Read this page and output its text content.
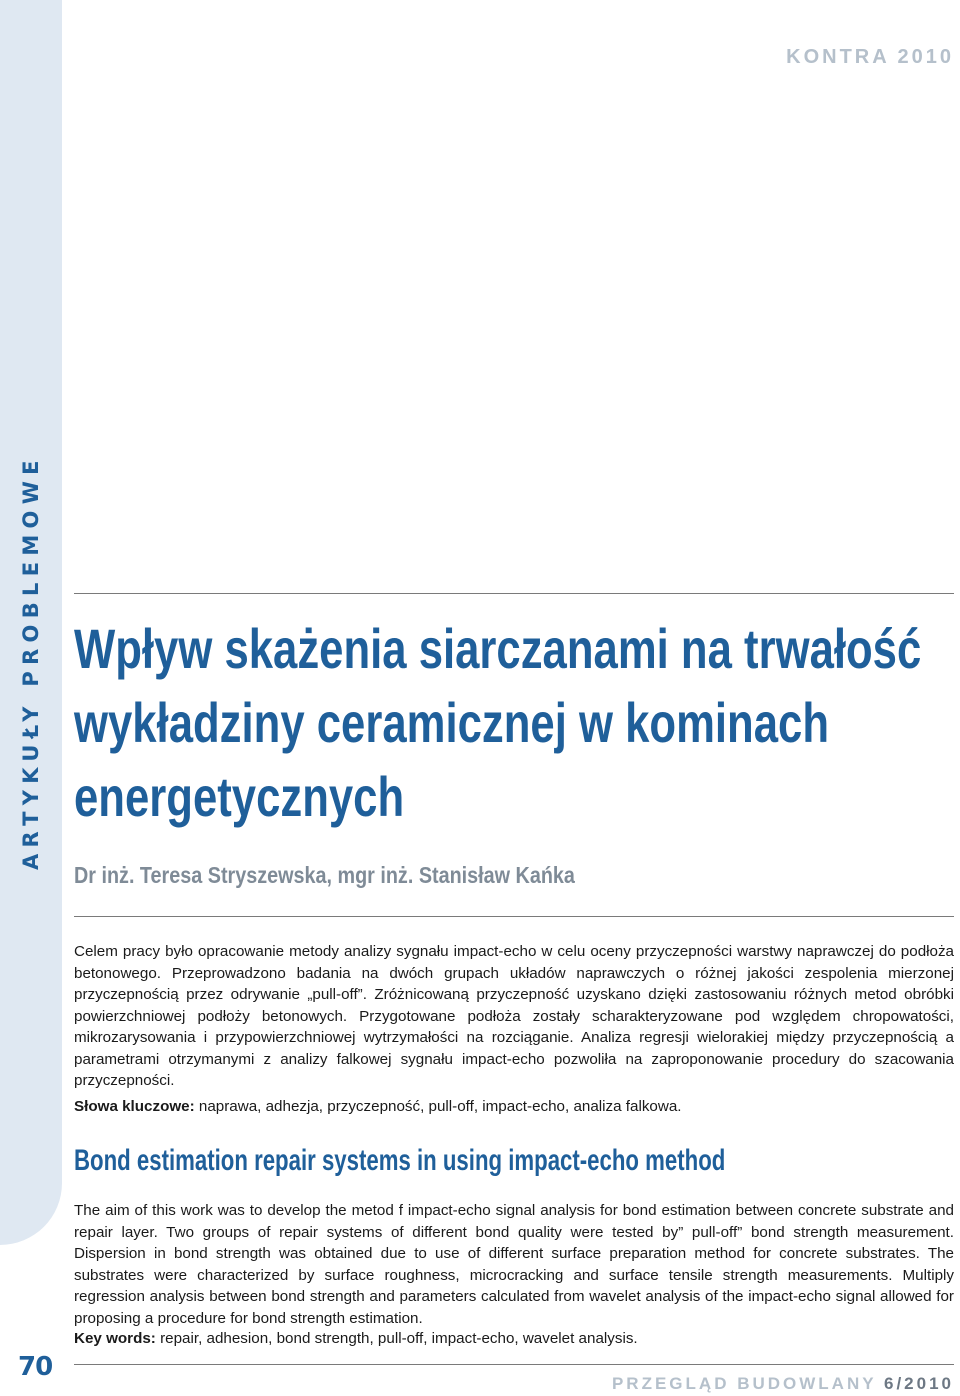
ARTYKUŁY PROBLEMOWE
70
KONTRA 2010
Wpływ skażenia siarczanami na trwałość
wykładziny ceramicznej w kominach
energetycznych

Dr inż. Teresa Stryszewska, mgr inż. Stanisław Kańka

Celem pracy było opracowanie metody analizy sygnału impact-echo w celu oceny przyczepności warstwy naprawczej do podłoża betonowego. Przeprowadzono badania na dwóch grupach układów naprawczych o różnej jakości zespolenia mierzonej przyczepnością przez odrywanie „pull-off”. Zróżnicowaną przyczepność uzyskano dzięki zastosowaniu różnych metod obróbki powierzchniowej podłoży betonowych. Przygotowane podłoża zostały scharakteryzowane pod względem chropowatości, mikrozarysowania i przypowierzchniowej wytrzymałości na rozciąganie. Analiza regresji wielorakiej między przyczepnością a parametrami otrzymanymi z analizy falkowej sygnału impact-echo pozwoliła na zaproponowanie procedury do szacowania przyczepności.

Słowa kluczowe: naprawa, adhezja, przyczepność, pull-off, impact-echo, analiza falkowa.

Bond estimation repair systems in using impact-echo method

The aim of this work was to develop the metod f impact-echo signal analysis for bond estimation between concrete substrate and repair layer. Two groups of repair systems of different bond quality were tested by” pull-off” bond strength measurement. Dispersion in bond strength was obtained due to use of different surface preparation method for concrete substrates. The substrates were characterized by surface roughness, microcracking and surface tensile strength measurements. Multiply regression analysis between bond strength and parameters calculated from wavelet analysis of the impact-echo signal allowed for proposing a procedure for bond strength estimation.

Key words: repair, adhesion, bond strength, pull-off, impact-echo, wavelet analysis.

PRZEGLĄD BUDOWLANY 6/2010
